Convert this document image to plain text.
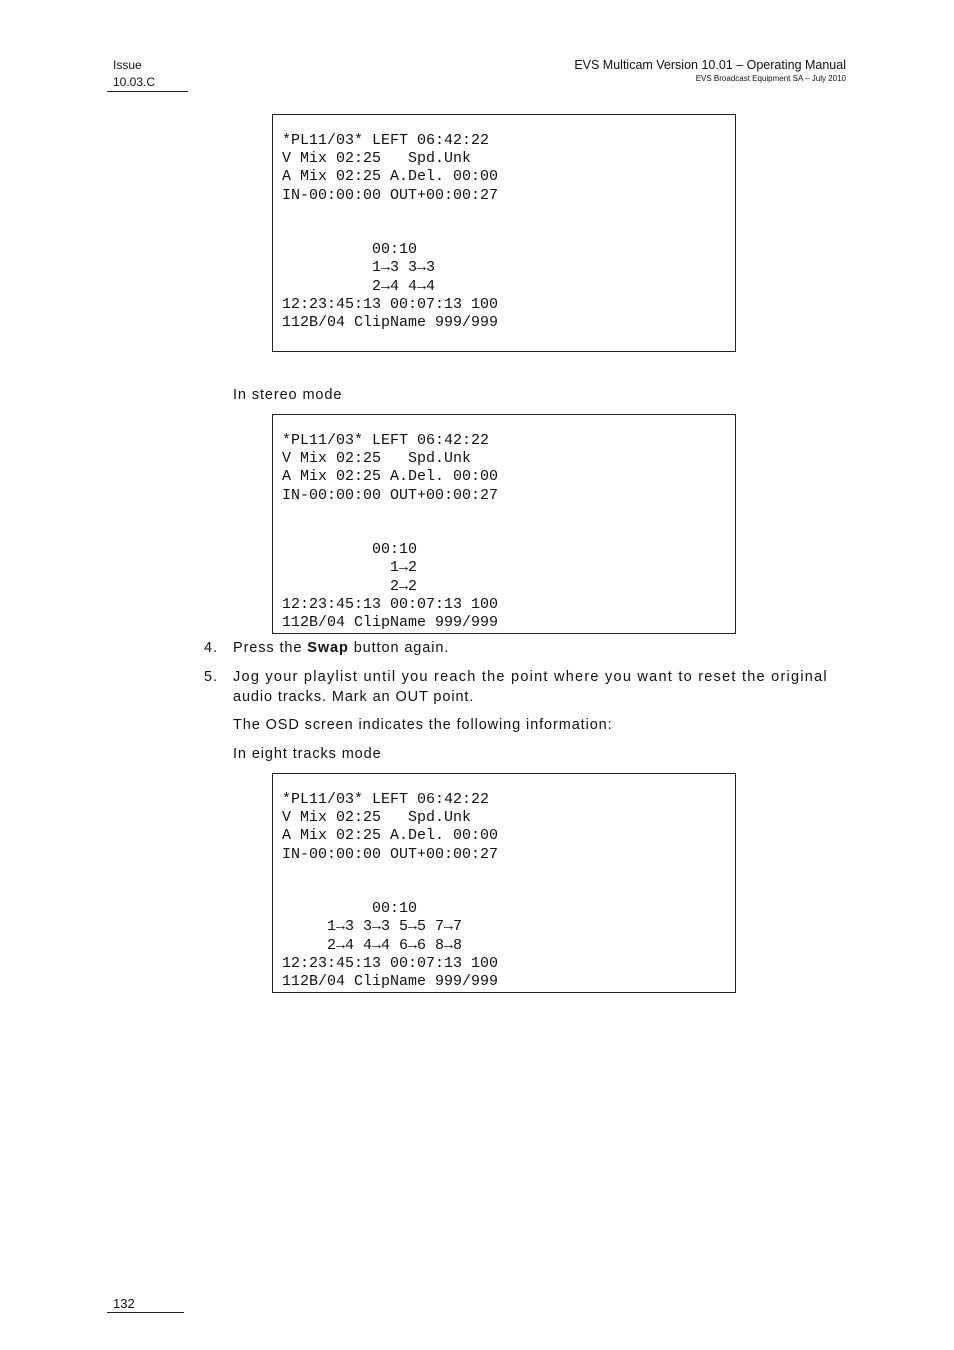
Issue
10.03.C
EVS Multicam Version 10.01 – Operating Manual
EVS Broadcast Equipment SA – July 2010
*PL11/03* LEFT 06:42:22
V Mix 02:25   Spd.Unk
A Mix 02:25 A.Del. 00:00
IN-00:00:00 OUT+00:00:27
00:10
1→3 3→3
2→4 4→4
12:23:45:13 00:07:13 100
112B/04 ClipName 999/999
In stereo mode
*PL11/03* LEFT 06:42:22
V Mix 02:25   Spd.Unk
A Mix 02:25 A.Del. 00:00
IN-00:00:00 OUT+00:00:27
00:10
1→2
2→2
12:23:45:13 00:07:13 100
112B/04 ClipName 999/999
4. Press the Swap button again.
5. Jog your playlist until you reach the point where you want to reset the original
audio tracks. Mark an OUT point.
The OSD screen indicates the following information:
In eight tracks mode
*PL11/03* LEFT 06:42:22
V Mix 02:25   Spd.Unk
A Mix 02:25 A.Del. 00:00
IN-00:00:00 OUT+00:00:27
00:10
1→3 3→3 5→5 7→7
2→4 4→4 6→6 8→8
12:23:45:13 00:07:13 100
112B/04 ClipName 999/999
132
